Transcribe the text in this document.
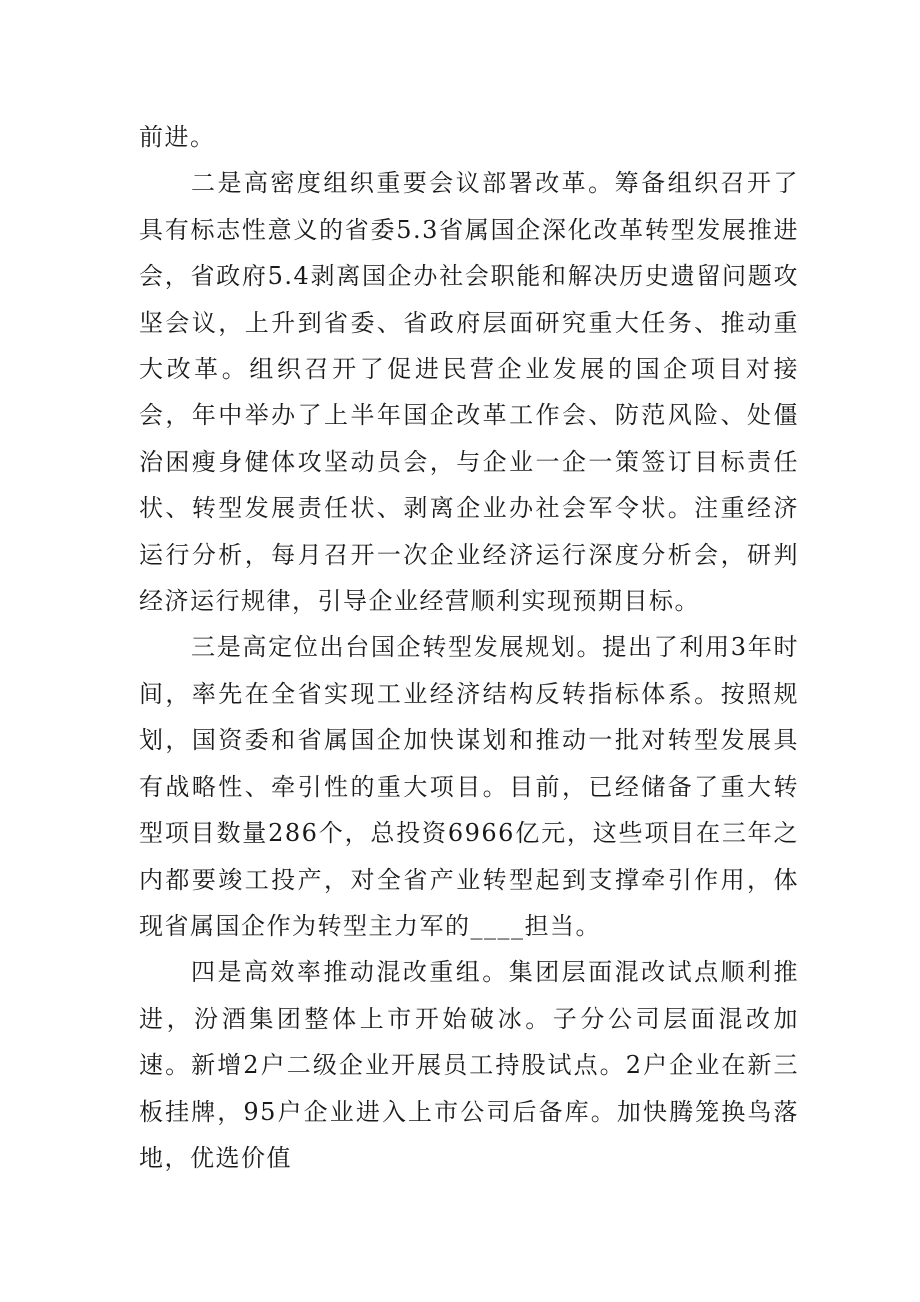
前进。

二是高密度组织重要会议部署改革。筹备组织召开了具有标志性意义的省委5.3省属国企深化改革转型发展推进会，省政府5.4剥离国企办社会职能和解决历史遗留问题攻坚会议，上升到省委、省政府层面研究重大任务、推动重大改革。组织召开了促进民营企业发展的国企项目对接会，年中举办了上半年国企改革工作会、防范风险、处僵治困瘦身健体攻坚动员会，与企业一企一策签订目标责任状、转型发展责任状、剥离企业办社会军令状。注重经济运行分析，每月召开一次企业经济运行深度分析会，研判经济运行规律，引导企业经营顺利实现预期目标。

三是高定位出台国企转型发展规划。提出了利用3年时间，率先在全省实现工业经济结构反转指标体系。按照规划，国资委和省属国企加快谋划和推动一批对转型发展具有战略性、牵引性的重大项目。目前，已经储备了重大转型项目数量286个，总投资6966亿元，这些项目在三年之内都要竣工投产，对全省产业转型起到支撑牵引作用，体现省属国企作为转型主力军的____担当。

四是高效率推动混改重组。集团层面混改试点顺利推进，汾酒集团整体上市开始破冰。子分公司层面混改加速。新增2户二级企业开展员工持股试点。2户企业在新三板挂牌，95户企业进入上市公司后备库。加快腾笼换鸟落地，优选价值
